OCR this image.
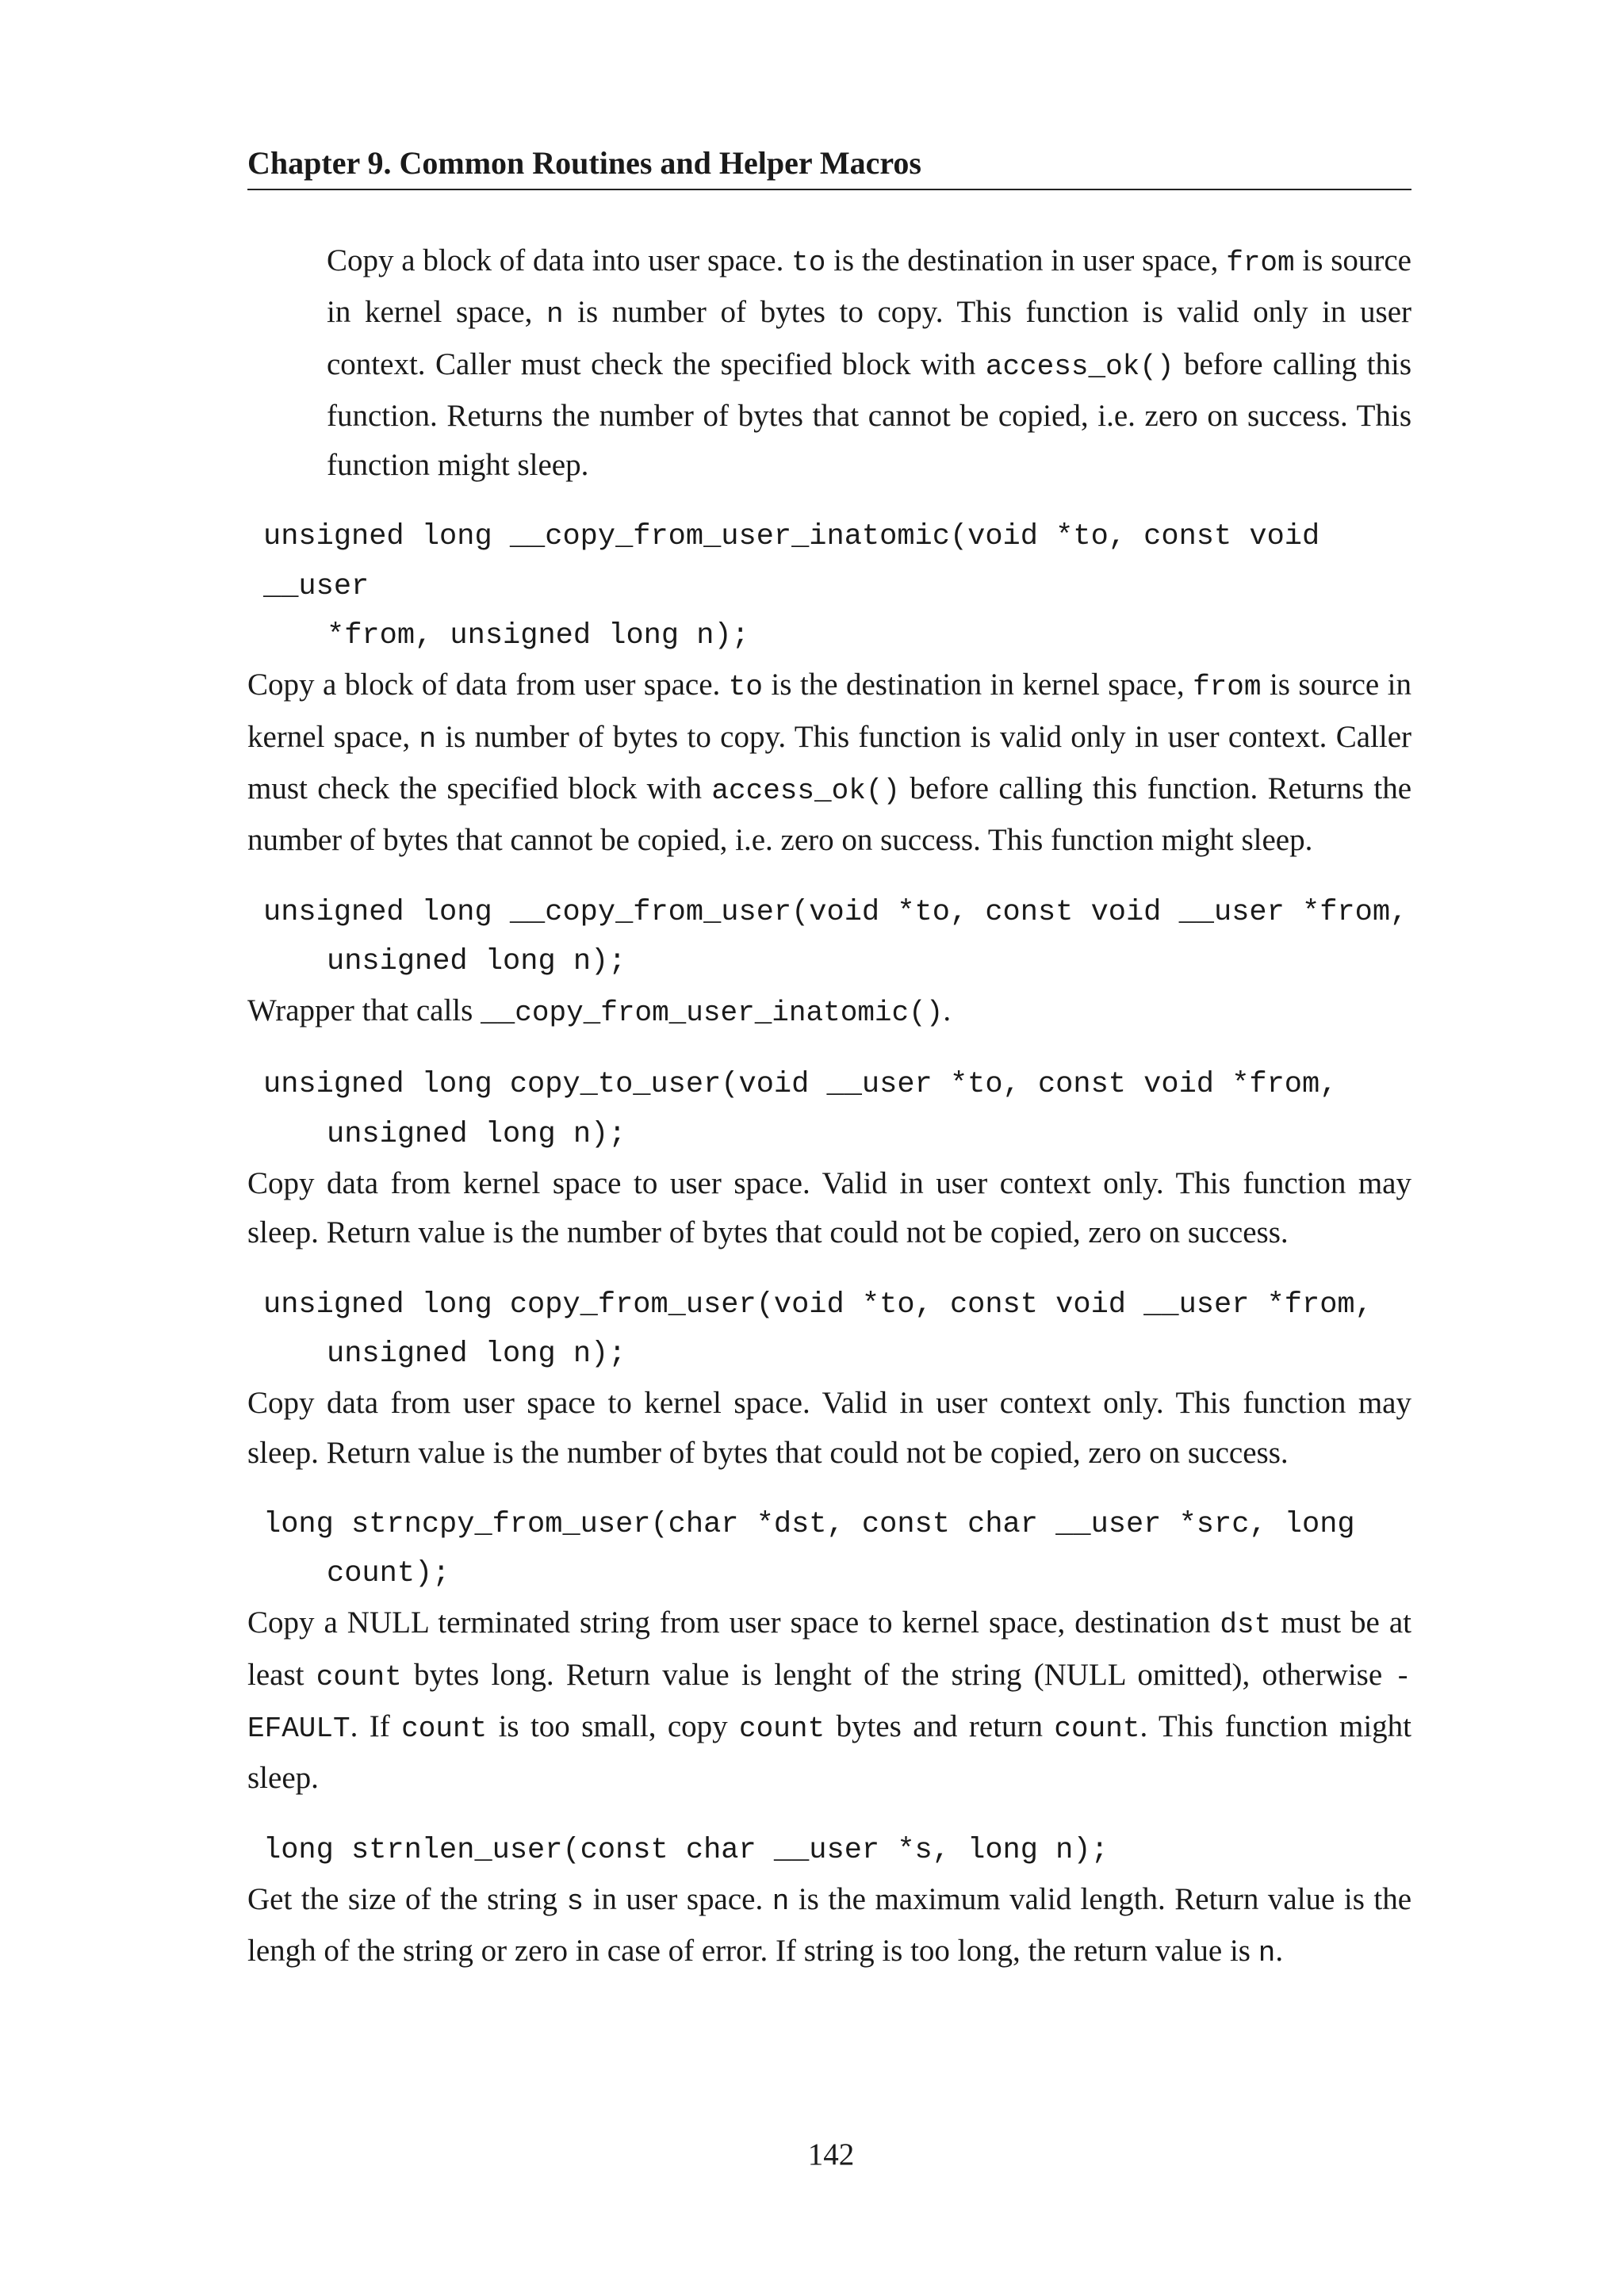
Chapter 9. Common Routines and Helper Macros

Copy a block of data into user space. to is the destination in user space, from is source in kernel space, n is number of bytes to copy. This function is valid only in user context. Caller must check the specified block with access_ok() before calling this function. Returns the number of bytes that cannot be copied, i.e. zero on success. This function might sleep.

unsigned long __copy_from_user_inatomic(void *to, const void __user
*from, unsigned long n);

Copy a block of data from user space. to is the destination in kernel space, from is source in kernel space, n is number of bytes to copy. This function is valid only in user context. Caller must check the specified block with access_ok() before calling this function. Returns the number of bytes that cannot be copied, i.e. zero on success. This function might sleep.

unsigned long __copy_from_user(void *to, const void __user *from,
unsigned long n);

Wrapper that calls __copy_from_user_inatomic().

unsigned long copy_to_user(void __user *to, const void *from,
unsigned long n);

Copy data from kernel space to user space. Valid in user context only. This function may sleep. Return value is the number of bytes that could not be copied, zero on success.

unsigned long copy_from_user(void *to, const void __user *from,
unsigned long n);

Copy data from user space to kernel space. Valid in user context only. This function may sleep. Return value is the number of bytes that could not be copied, zero on success.

long strncpy_from_user(char *dst, const char __user *src, long
count);

Copy a NULL terminated string from user space to kernel space, destination dst must be at least count bytes long. Return value is lenght of the string (NULL omitted), otherwise -EFAULT. If count is too small, copy count bytes and return count. This function might sleep.

long strnlen_user(const char __user *s, long n);

Get the size of the string s in user space. n is the maximum valid length. Return value is the lengh of the string or zero in case of error. If string is too long, the return value is n.

142
